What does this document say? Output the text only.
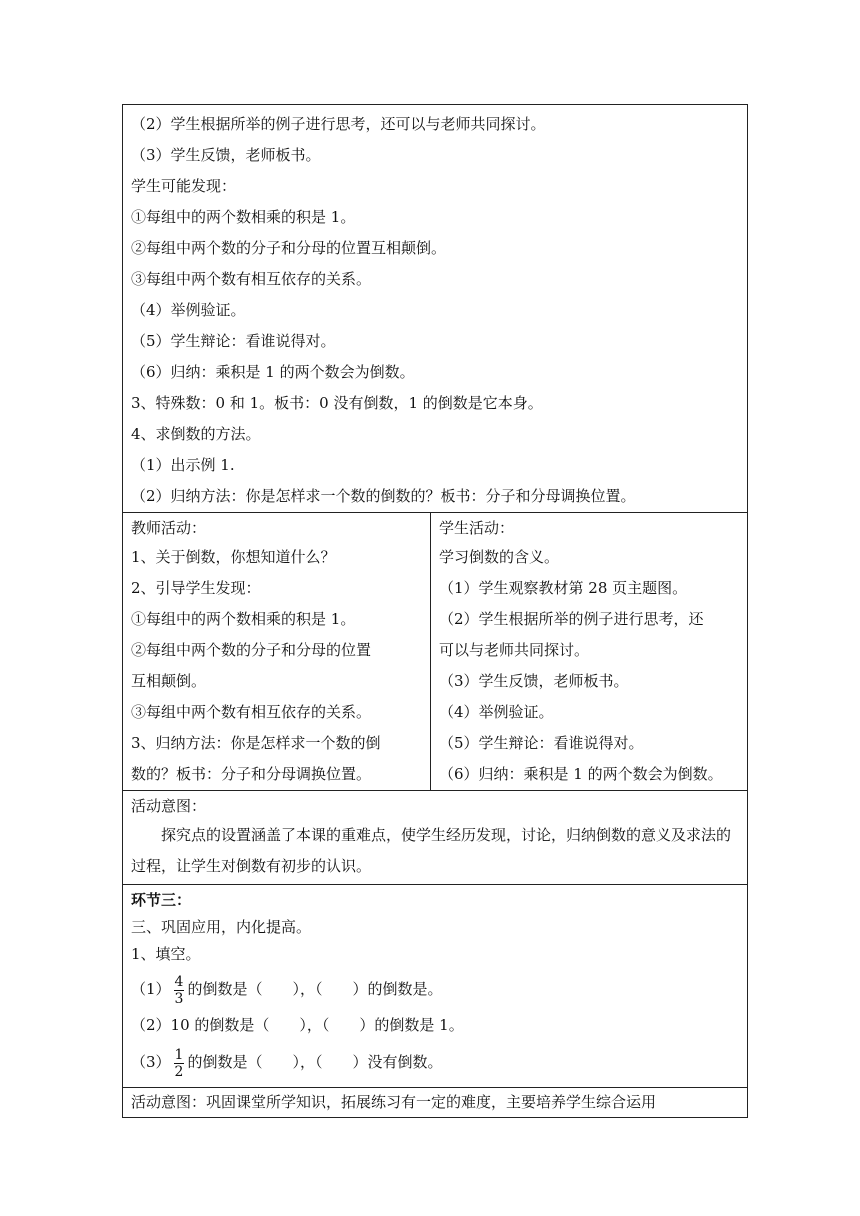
（2）学生根据所举的例子进行思考，还可以与老师共同探讨。
（3）学生反馈，老师板书。
学生可能发现：
①每组中的两个数相乘的积是 1。
②每组中两个数的分子和分母的位置互相颠倒。
③每组中两个数有相互依存的关系。
（4）举例验证。
（5）学生辩论：看谁说得对。
（6）归纳：乘积是 1 的两个数会为倒数。
3、特殊数：0 和 1。板书：0 没有倒数，1 的倒数是它本身。
4、求倒数的方法。
（1）出示例 1.
（2）归纳方法：你是怎样求一个数的倒数的？板书：分子和分母调换位置。

教师活动：
1、关于倒数，你想知道什么？
2、引导学生发现：
①每组中的两个数相乘的积是 1。
②每组中两个数的分子和分母的位置
互相颠倒。
③每组中两个数有相互依存的关系。
3、归纳方法：你是怎样求一个数的倒
数的？板书：分子和分母调换位置。

学生活动：
学习倒数的含义。
（1）学生观察教材第 28 页主题图。
（2）学生根据所举的例子进行思考，还
可以与老师共同探讨。
（3）学生反馈，老师板书。
（4）举例验证。
（5）学生辩论：看谁说得对。
（6）归纳：乘积是 1 的两个数会为倒数。

活动意图：
探究点的设置涵盖了本课的重难点，使学生经历发现，讨论，归纳倒数的意义及求法的过程，让学生对倒数有初步的认识。

环节三：
三、巩固应用，内化提高。
1、填空。
$(1) \frac{4}{3}$ 的倒数是（　　），（　　）的倒数是。
（2）10 的倒数是（　　），（　　）的倒数是 1。
$(3) \frac{1}{2}$ 的倒数是（　　），（　　）没有倒数。

活动意图：巩固课堂所学知识，拓展练习有一定的难度，主要培养学生综合运用
